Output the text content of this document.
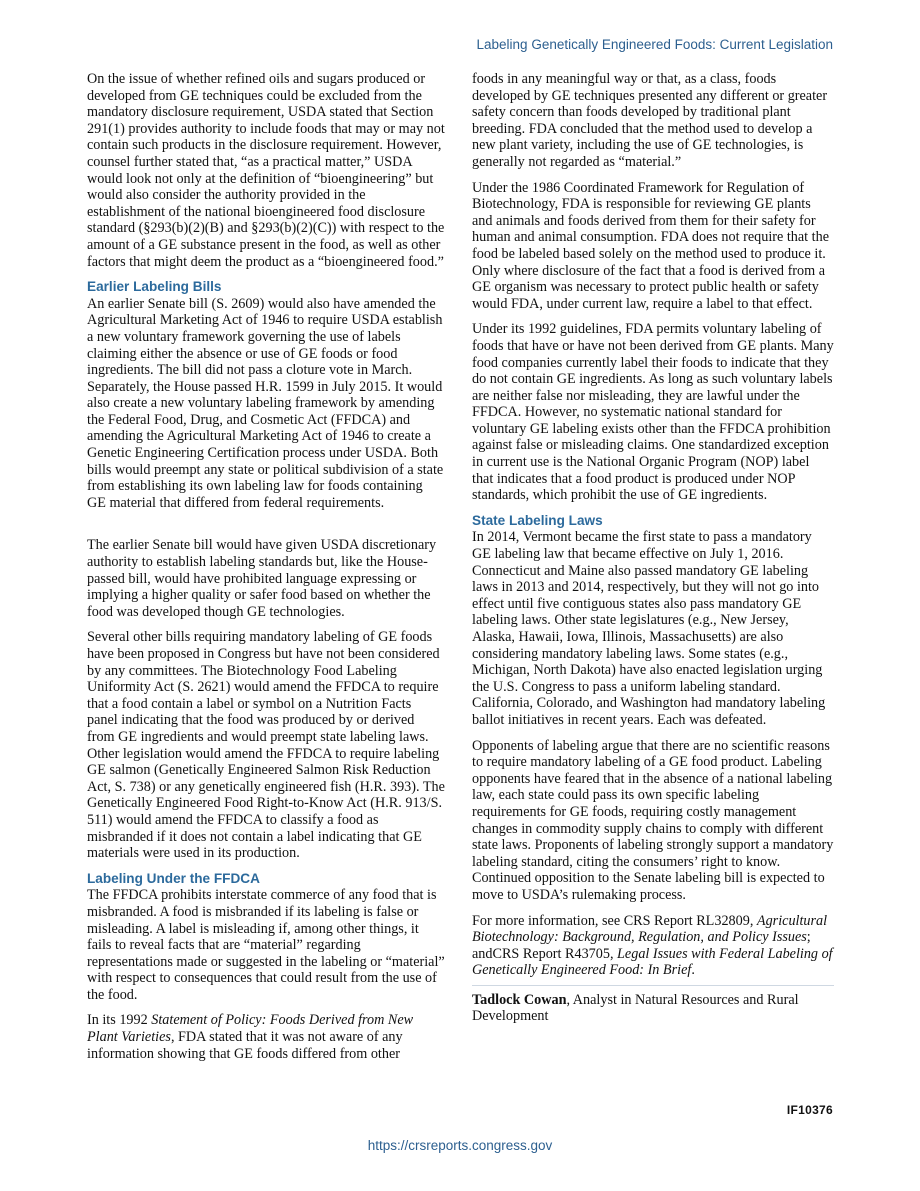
Labeling Genetically Engineered Foods: Current Legislation

On the issue of whether refined oils and sugars produced or developed from GE techniques could be excluded from the mandatory disclosure requirement, USDA stated that Section 291(1) provides authority to include foods that may or may not contain such products in the disclosure requirement. However, counsel further stated that, “as a practical matter,” USDA would look not only at the definition of “bioengineering” but would also consider the authority provided in the establishment of the national bioengineered food disclosure standard (§293(b)(2)(B) and §293(b)(2)(C)) with respect to the amount of a GE substance present in the food, as well as other factors that might deem the product as a “bioengineered food.”

Earlier Labeling Bills

An earlier Senate bill (S. 2609) would also have amended the Agricultural Marketing Act of 1946 to require USDA establish a new voluntary framework governing the use of labels claiming either the absence or use of GE foods or food ingredients. The bill did not pass a cloture vote in March. Separately, the House passed H.R. 1599 in July 2015. It would also create a new voluntary labeling framework by amending the Federal Food, Drug, and Cosmetic Act (FFDCA) and amending the Agricultural Marketing Act of 1946 to create a Genetic Engineering Certification process under USDA. Both bills would preempt any state or political subdivision of a state from establishing its own labeling law for foods containing GE material that differed from federal requirements.

The earlier Senate bill would have given USDA discretionary authority to establish labeling standards but, like the House-passed bill, would have prohibited language expressing or implying a higher quality or safer food based on whether the food was developed though GE technologies.

Several other bills requiring mandatory labeling of GE foods have been proposed in Congress but have not been considered by any committees. The Biotechnology Food Labeling Uniformity Act (S. 2621) would amend the FFDCA to require that a food contain a label or symbol on a Nutrition Facts panel indicating that the food was produced by or derived from GE ingredients and would preempt state labeling laws. Other legislation would amend the FFDCA to require labeling GE salmon (Genetically Engineered Salmon Risk Reduction Act, S. 738) or any genetically engineered fish (H.R. 393). The Genetically Engineered Food Right-to-Know Act (H.R. 913/S. 511) would amend the FFDCA to classify a food as misbranded if it does not contain a label indicating that GE materials were used in its production.

Labeling Under the FFDCA

The FFDCA prohibits interstate commerce of any food that is misbranded. A food is misbranded if its labeling is false or misleading. A label is misleading if, among other things, it fails to reveal facts that are “material” regarding representations made or suggested in the labeling or “material” with respect to consequences that could result from the use of the food.

In its 1992 Statement of Policy: Foods Derived from New Plant Varieties, FDA stated that it was not aware of any information showing that GE foods differed from other

foods in any meaningful way or that, as a class, foods developed by GE techniques presented any different or greater safety concern than foods developed by traditional plant breeding. FDA concluded that the method used to develop a new plant variety, including the use of GE technologies, is generally not regarded as “material.”

Under the 1986 Coordinated Framework for Regulation of Biotechnology, FDA is responsible for reviewing GE plants and animals and foods derived from them for their safety for human and animal consumption. FDA does not require that the food be labeled based solely on the method used to produce it. Only where disclosure of the fact that a food is derived from a GE organism was necessary to protect public health or safety would FDA, under current law, require a label to that effect.

Under its 1992 guidelines, FDA permits voluntary labeling of foods that have or have not been derived from GE plants. Many food companies currently label their foods to indicate that they do not contain GE ingredients. As long as such voluntary labels are neither false nor misleading, they are lawful under the FFDCA. However, no systematic national standard for voluntary GE labeling exists other than the FFDCA prohibition against false or misleading claims. One standardized exception in current use is the National Organic Program (NOP) label that indicates that a food product is produced under NOP standards, which prohibit the use of GE ingredients.

State Labeling Laws

In 2014, Vermont became the first state to pass a mandatory GE labeling law that became effective on July 1, 2016. Connecticut and Maine also passed mandatory GE labeling laws in 2013 and 2014, respectively, but they will not go into effect until five contiguous states also pass mandatory GE labeling laws. Other state legislatures (e.g., New Jersey, Alaska, Hawaii, Iowa, Illinois, Massachusetts) are also considering mandatory labeling laws. Some states (e.g., Michigan, North Dakota) have also enacted legislation urging the U.S. Congress to pass a uniform labeling standard. California, Colorado, and Washington had mandatory labeling ballot initiatives in recent years. Each was defeated.

Opponents of labeling argue that there are no scientific reasons to require mandatory labeling of a GE food product. Labeling opponents have feared that in the absence of a national labeling law, each state could pass its own specific labeling requirements for GE foods, requiring costly management changes in commodity supply chains to comply with different state laws. Proponents of labeling strongly support a mandatory labeling standard, citing the consumers’ right to know. Continued opposition to the Senate labeling bill is expected to move to USDA’s rulemaking process.

For more information, see CRS Report RL32809, Agricultural Biotechnology: Background, Regulation, and Policy Issues; andCRS Report R43705, Legal Issues with Federal Labeling of Genetically Engineered Food: In Brief.

Tadlock Cowan, Analyst in Natural Resources and Rural Development

IF10376
https://crsreports.congress.gov
